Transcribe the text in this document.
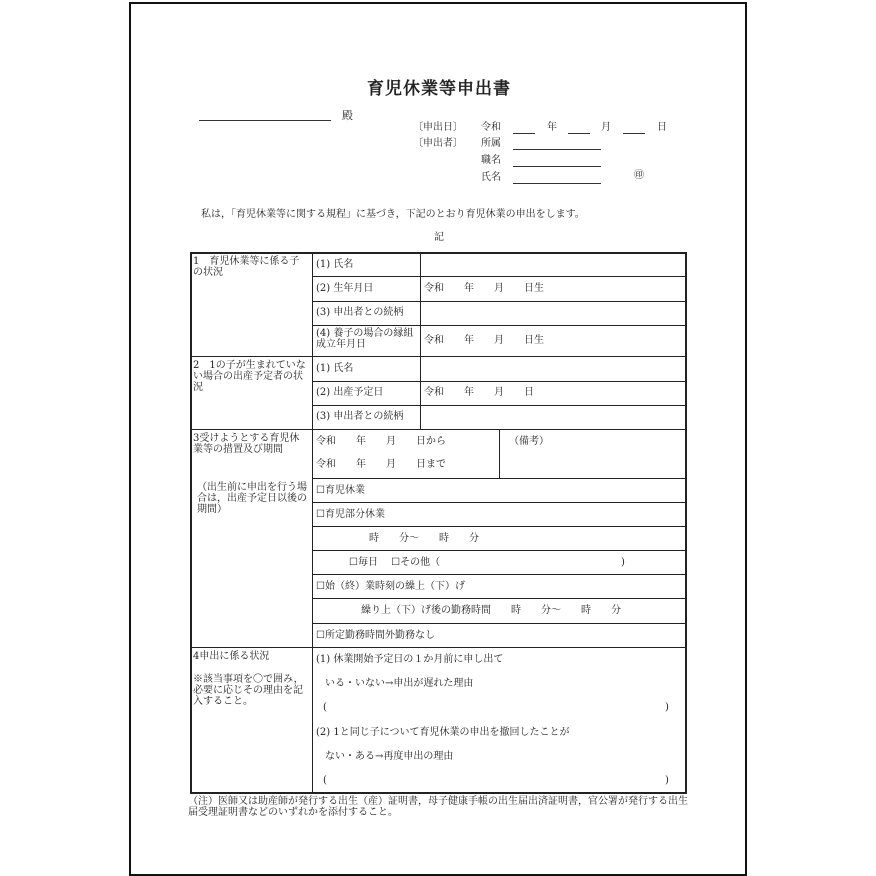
育児休業等申出書
殿
〔申出日〕 令和	年	月	日
〔申出者〕 所属
職名
氏名	㊞
私は，「育児休業等に関する規程」に基づき，下記のとおり育児休業の申出をします。
記
1　育児休業等に係る子の状況
(1) 氏名
(2) 生年月日	令和　　年　　月　　日生
(3) 申出者との続柄
(4) 養子の場合の縁組成立年月日	令和　　年　　月　　日生
2　1の子が生まれていない場合の出産予定者の状況
(1) 氏名
(2) 出産予定日	令和　　年　　月　　日
(3) 申出者との続柄
3受けようとする育児休業等の措置及び期間
（出生前に申出を行う場合は，出産予定日以後の期間）
令和　　年　　月　　日から
令和　　年　　月　　日まで
（備考）
☐育児休業
☐育児部分休業
時　　分～　　時　　分
☐毎日　 ☐その他（	)
☐始（終）業時刻の繰上（下）げ
繰り上（下）げ後の勤務時間　　時　　分～　　時　　分
☐所定勤務時間外勤務なし
4申出に係る状況
※該当事項を〇で囲み，必要に応じその理由を記入すること。
(1) 休業開始予定日の１か月前に申し出て
いる・いない→申出が遅れた理由
(	)
(2) 1と同じ子について育児休業の申出を撤回したことが
ない・ある→再度申出の理由
(	)
（注）医師又は助産師が発行する出生（産）証明書，母子健康手帳の出生届出済証明書，官公署が発行する出生届受理証明書などのいずれかを添付すること。
